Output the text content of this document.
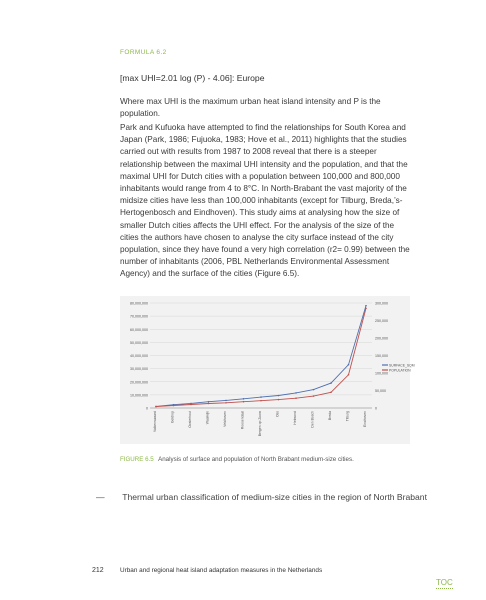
FORMULA 6.2
[max UHI=2.01 log (P) - 4.06]: Europe

Where max UHI is the maximum urban heat island intensity and P is the population.

Park and Kufuoka have attempted to find the relationships for South Korea and Japan (Park, 1986; Fujuoka, 1983; Hove et al., 2011) highlights that the studies carried out with results from 1987 to 2008 reveal that there is a steeper relationship between the maximal UHI intensity and the population, and that the maximal UHI for Dutch cities with a population between 100,000 and 800,000 inhabitants would range from 4 to 8°C. In North-Brabant the vast majority of the midsize cities have less than 100,000 inhabitants (except for Tilburg, Breda,’s-Hertogenbosch and Eindhoven). This study aims at analysing how the size of smaller Dutch cities affects the UHI effect. For the analysis of the size of the cities the authors have chosen to analyse the city surface instead of the city population, since they have found a very high correlation (r2= 0.99) between the number of inhabitants (2006, PBL Netherlands Environmental Assessment Agency) and the surface of the cities (Figure 6.5).

80,000,000
70,000,000
60,000,000
50,000,000
40,000,000
30,000,000
20,000,000
10,000,000
0
300,000
250,000
200,000
150,000
100,000
50,000
0
Valkenswaard	Geldrop	Oosterhout	Waalwijk	Veldhoven	Roosendaal	Bergen op Zoom	Oss	Helmond	Den Bosch	Breda	Tilburg	Eindhoven
SURFACE_SQM
POPULATION
FIGURE 6.5 Analysis of surface and population of North Brabant medium-size cities.
— Thermal urban classification of medium-size cities in the region of North Brabant
212	Urban and regional heat island adaptation measures in the Netherlands
TOC
